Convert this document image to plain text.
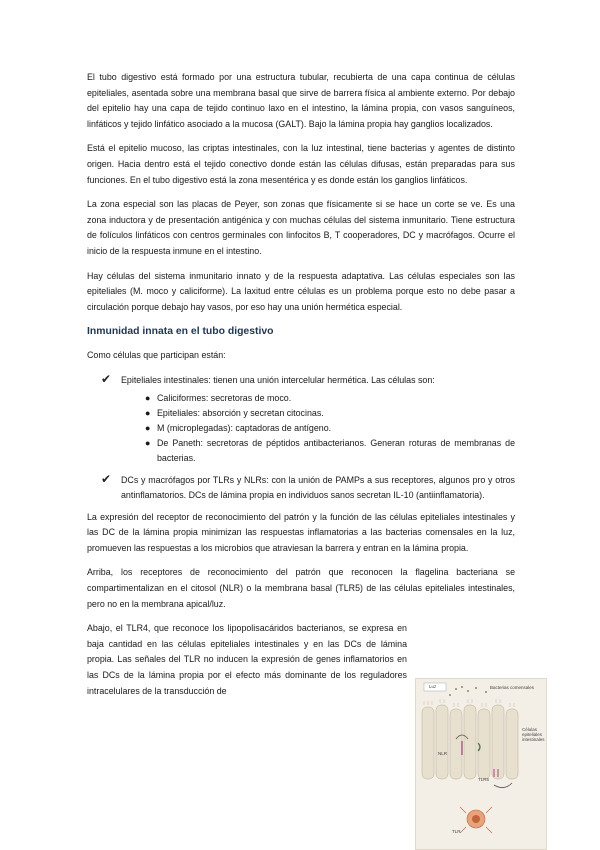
El tubo digestivo está formado por una estructura tubular, recubierta de una capa continua de células epiteliales, asentada sobre una membrana basal que sirve de barrera física al ambiente externo. Por debajo del epitelio hay una capa de tejido continuo laxo en el intestino, la lámina propia, con vasos sanguíneos, linfáticos y tejido linfático asociado a la mucosa (GALT). Bajo la lámina propia hay ganglios localizados.

Está el epitelio mucoso, las criptas intestinales, con la luz intestinal, tiene bacterias y agentes de distinto origen. Hacia dentro está el tejido conectivo donde están las células difusas, están preparadas para sus funciones. En el tubo digestivo está la zona mesentérica y es donde están los ganglios linfáticos.

La zona especial son las placas de Peyer, son zonas que físicamente si se hace un corte se ve. Es una zona inductora y de presentación antigénica y con muchas células del sistema inmunitario. Tiene estructura de folículos linfáticos con centros germinales con linfocitos B, T cooperadores, DC y macrófagos. Ocurre el inicio de la respuesta inmune en el intestino.

Hay células del sistema inmunitario innato y de la respuesta adaptativa. Las células especiales son las epiteliales (M. moco y caliciforme). La laxitud entre células es un problema porque esto no debe pasar a circulación porque debajo hay vasos, por eso hay una unión hermética especial.

Inmunidad innata en el tubo digestivo

Como células que participan están:

✔ Epiteliales intestinales: tienen una unión intercelular hermética. Las células son:
● Caliciformes: secretoras de moco.
● Epiteliales: absorción y secretan citocinas.
● M (microplegadas): captadoras de antígeno.
● De Paneth: secretoras de péptidos antibacterianos. Generan roturas de membranas de bacterias.
✔ DCs y macrófagos por TLRs y NLRs: con la unión de PAMPs a sus receptores, algunos pro y otros antinflamatorios. DCs de lámina propia en individuos sanos secretan IL-10 (antiinflamatoria).

La expresión del receptor de reconocimiento del patrón y la función de las células epiteliales intestinales y las DC de la lámina propia minimizan las respuestas inflamatorias a las bacterias comensales en la luz, promueven las respuestas a los microbios que atraviesan la barrera y entran en la lámina propia.

Arriba, los receptores de reconocimiento del patrón que reconocen la flagelina bacteriana se compartimentalizan en el citosol (NLR) o la membrana basal (TLR5) de las células epiteliales intestinales, pero no en la membrana apical/luz.

Abajo, el TLR4, que reconoce los lipopolisacáridos bacterianos, se expresa en baja cantidad en las células epiteliales intestinales y en las DCs de lámina propia. Las señales del TLR no inducen la expresión de genes inflamatorios en las DCs de la lámina propia por el efecto más dominante de los reguladores intracelulares de la transducción de	Luz	Bacterias comensales
Células epiteliales intestinales
NLR
TLR5
TLR
